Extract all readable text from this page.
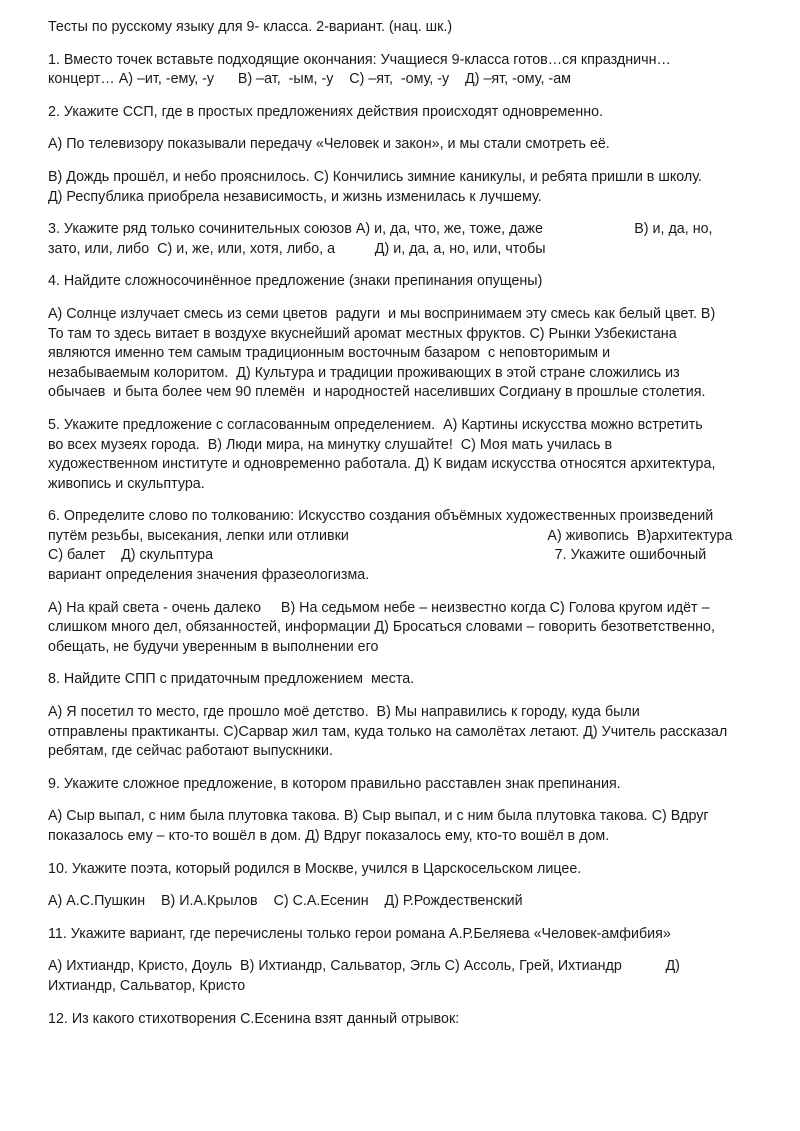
Тесты по русскому языку для 9- класса. 2-вариант. (нац. шк.)
1. Вместо точек вставьте подходящие окончания: Учащиеся 9-класса готов…ся кпраздничн…
концерт… А) –ит, -ему, -у      В) –ат,  -ым, -у    С) –ят,  -ому, -у    Д) –ят, -ому, -ам
2. Укажите ССП, где в простых предложениях действия происходят одновременно.
А) По телевизору показывали передачу «Человек и закон», и мы стали смотреть её.
В) Дождь прошёл, и небо прояснилось. С) Кончились зимние каникулы, и ребята пришли в школу.
Д) Республика приобрела независимость, и жизнь изменилась к лучшему.
3. Укажите ряд только сочинительных союзов А) и, да, что, же, тоже, даже                       В) и, да, но,
зато, или, либо  С) и, же, или, хотя, либо, а          Д) и, да, а, но, или, чтобы
4. Найдите сложносочинённое предложение (знаки препинания опущены)
А) Солнце излучает смесь из семи цветов  радуги  и мы воспринимаем эту смесь как белый цвет. В)
То там то здесь витает в воздухе вкуснейший аромат местных фруктов. С) Рынки Узбекистана
являются именно тем самым традиционным восточным базаром  с неповторимым и
незабываемым колоритом.  Д) Культура и традиции проживающих в этой стране сложились из
обычаев  и быта более чем 90 племён  и народностей населивших Согдиану в прошлые столетия.
5. Укажите предложение с согласованным определением.  А) Картины искусства можно встретить
во всех музеях города.  В) Люди мира, на минутку слушайте!  С) Моя мать училась в
художественном институте и одновременно работала. Д) К видам искусства относятся архитектура,
живопись и скульптура.
6. Определите слово по толкованию: Искусство создания объёмных художественных произведений
путём резьбы, высекания, лепки или отливки                                                  А) живопись  В)архитектура
С) балет    Д) скульптура                                                                                      7. Укажите ошибочный
вариант определения значения фразеологизма.
А) На край света - очень далеко     В) На седьмом небе – неизвестно когда С) Голова кругом идёт –
слишком много дел, обязанностей, информации Д) Бросаться словами – говорить безответственно,
обещать, не будучи уверенным в выполнении его
8. Найдите СПП с придаточным предложением  места.
А) Я посетил то место, где прошло моё детство.  В) Мы направились к городу, куда были
отправлены практиканты. С)Сарвар жил там, куда только на самолётах летают. Д) Учитель рассказал
ребятам, где сейчас работают выпускники.
9. Укажите сложное предложение, в котором правильно расставлен знак препинания.
А) Сыр выпал, с ним была плутовка такова. В) Сыр выпал, и с ним была плутовка такова. С) Вдруг
показалось ему – кто-то вошёл в дом. Д) Вдруг показалось ему, кто-то вошёл в дом.
10. Укажите поэта, который родился в Москве, учился в Царскосельском лицее.
А) А.С.Пушкин    В) И.А.Крылов    С) С.А.Есенин    Д) Р.Рождественский
11. Укажите вариант, где перечислены только герои романа А.Р.Беляева «Человек-амфибия»
А) Ихтиандр, Кристо, Доуль  В) Ихтиандр, Сальватор, Эгль С) Ассоль, Грей, Ихтиандр           Д)
Ихтиандр, Сальватор, Кристо
12. Из какого стихотворения С.Есенина взят данный отрывок:
